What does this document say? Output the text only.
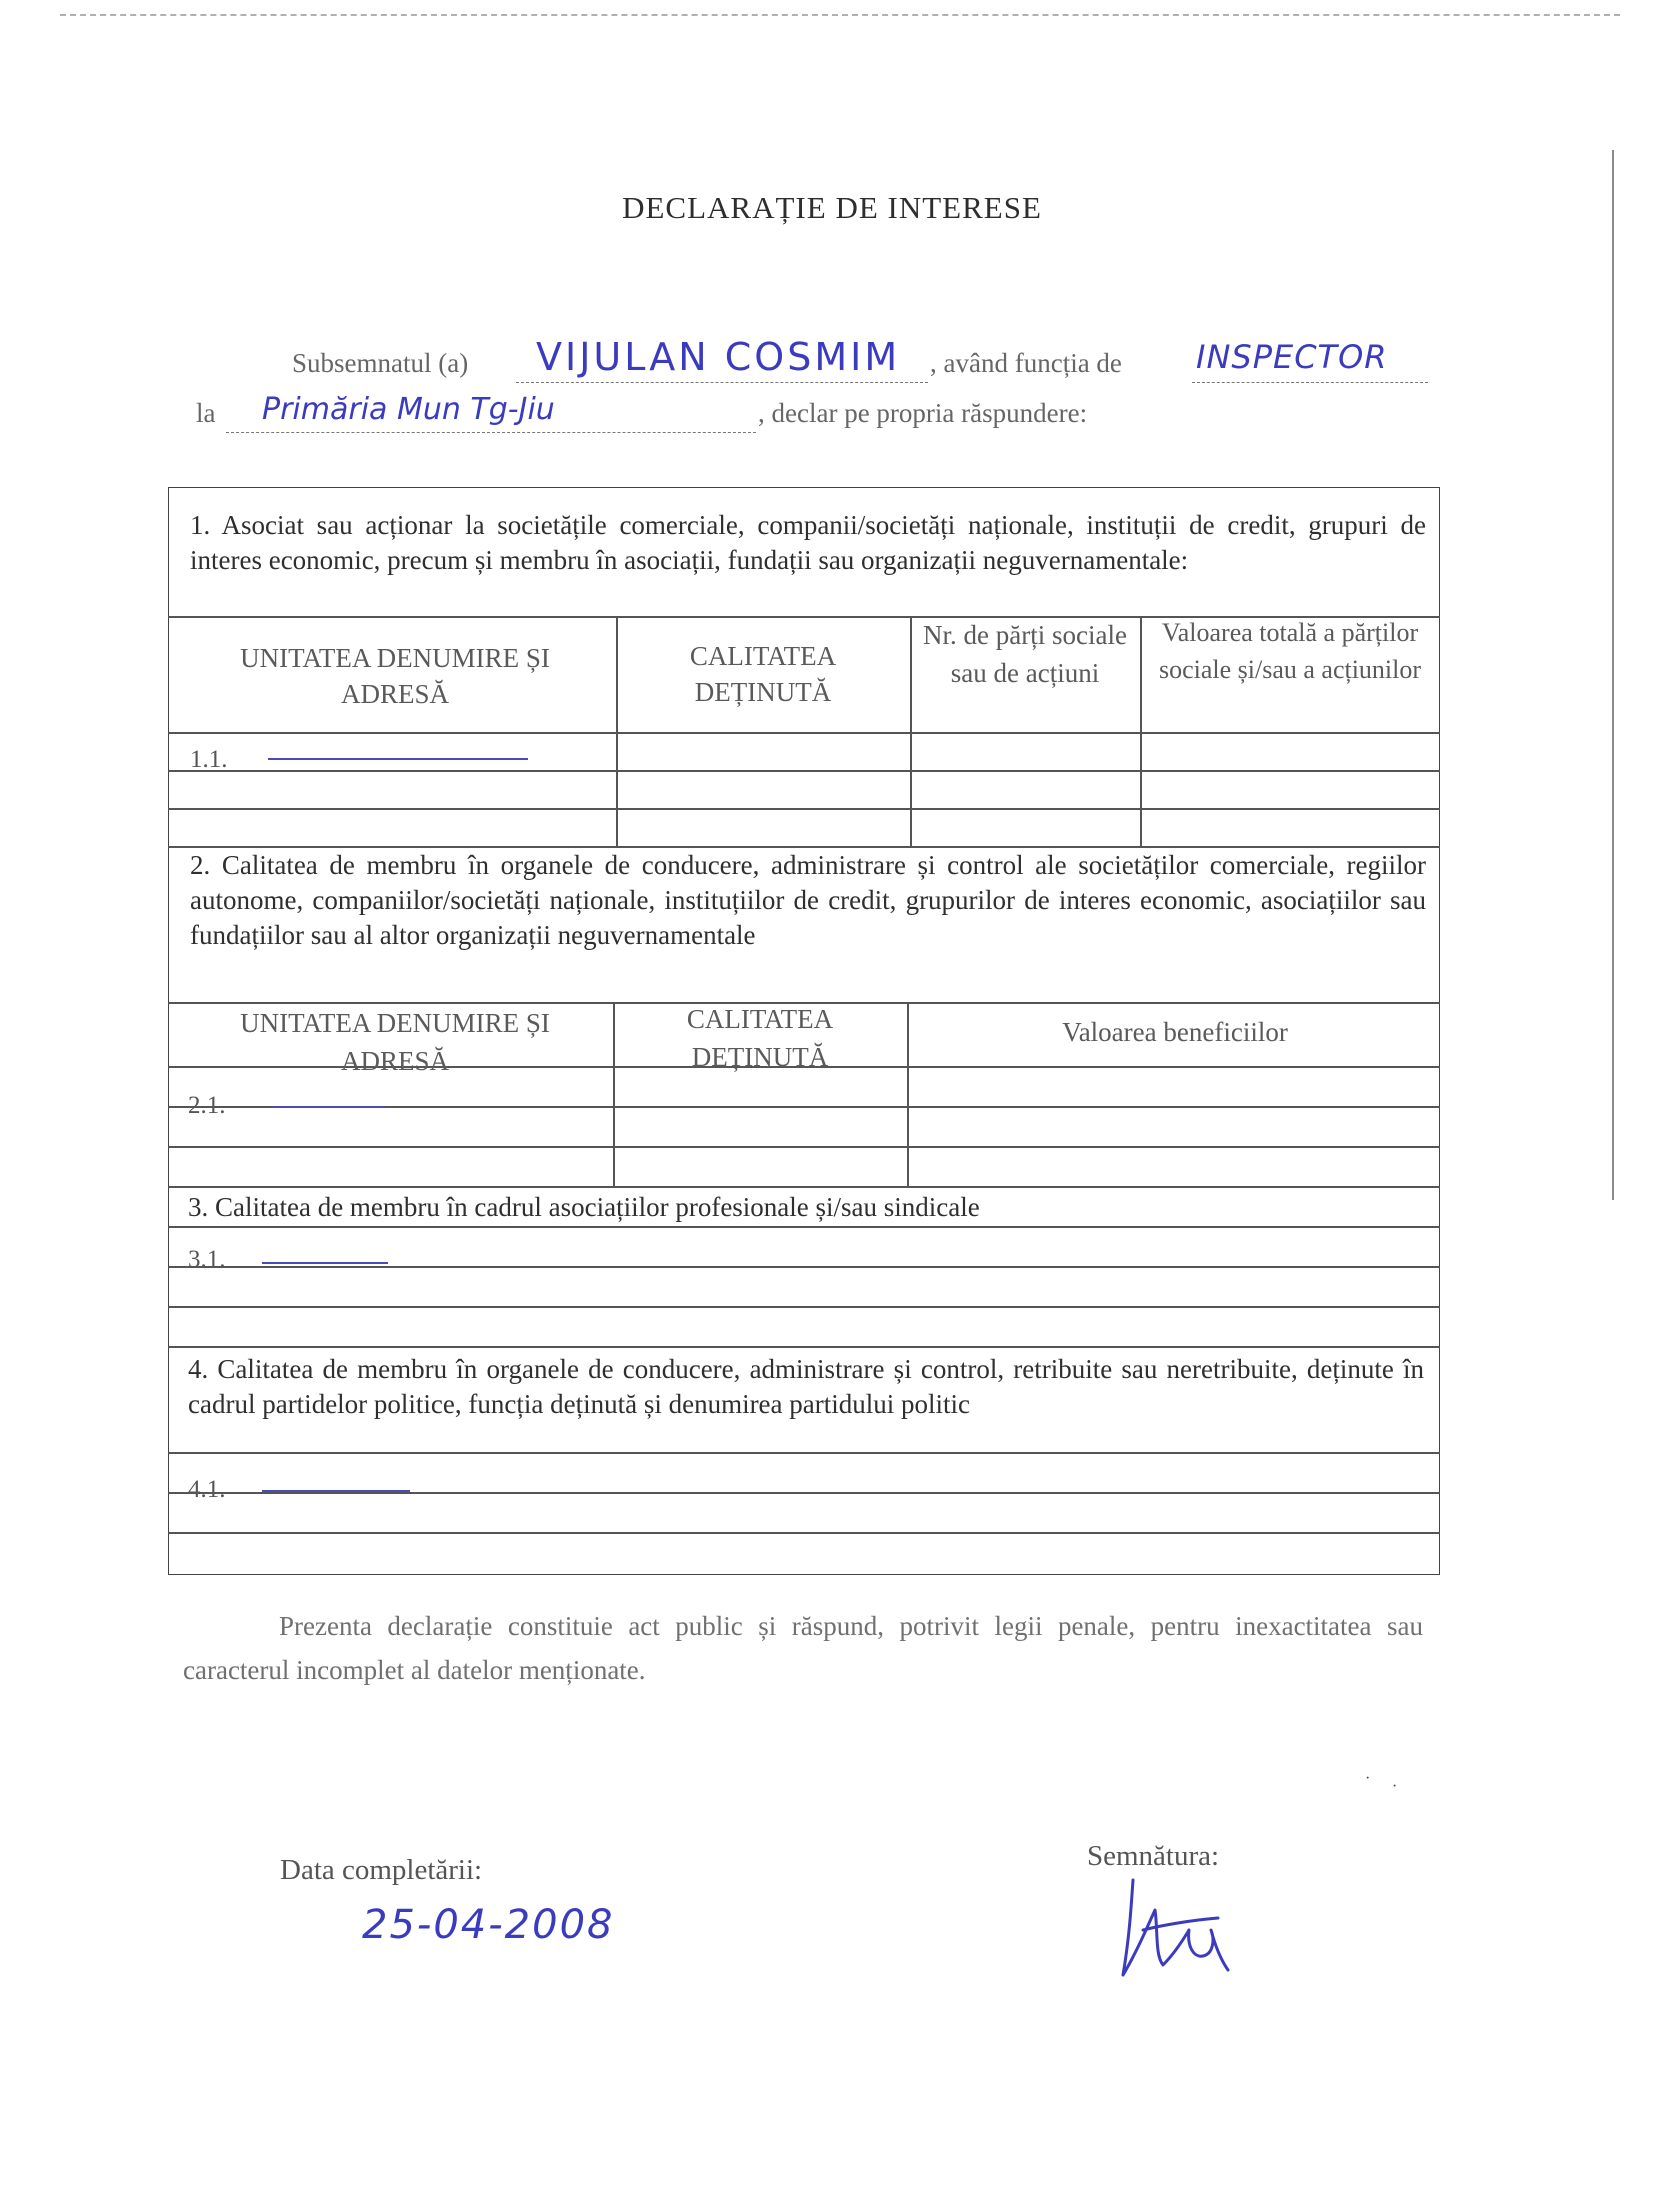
DECLARAȚIE DE INTERESE
Subsemnatul (a) VIJULAN COSMIM , având funcția de INSPECTOR
la Primăria Mun Tg-Jiu	, declar pe propria răspundere:
1. Asociat sau acționar la societățile comerciale, companii/societăți naționale, instituții de credit, grupuri de interes economic, precum și membru în asociații, fundații sau organizații neguvernamentale:
UNITATEA DENUMIRE ȘI ADRESĂ
CALITATEA DEȚINUTĂ
Nr. de părți sociale sau de acțiuni
Valoarea totală a părților sociale și/sau a acțiunilor
1.1.
2. Calitatea de membru în organele de conducere, administrare și control ale societăților comerciale, regiilor autonome, companiilor/societăți naționale, instituțiilor de credit, grupurilor de interes economic, asociațiilor sau fundațiilor sau al altor organizații neguvernamentale
UNITATEA DENUMIRE ȘI ADRESĂ
CALITATEA DEȚINUTĂ
Valoarea beneficiilor
2.1.
3. Calitatea de membru în cadrul asociațiilor profesionale și/sau sindicale
3.1.
4. Calitatea de membru în organele de conducere, administrare și control, retribuite sau neretribuite, deținute în cadrul partidelor politice, funcția deținută și denumirea partidului politic
4.1.
Prezenta declarație constituie act public și răspund, potrivit legii penale, pentru inexactitatea sau caracterul incomplet al datelor menționate.
Data completării:
25-04-2008
Semnătura:
· ·
